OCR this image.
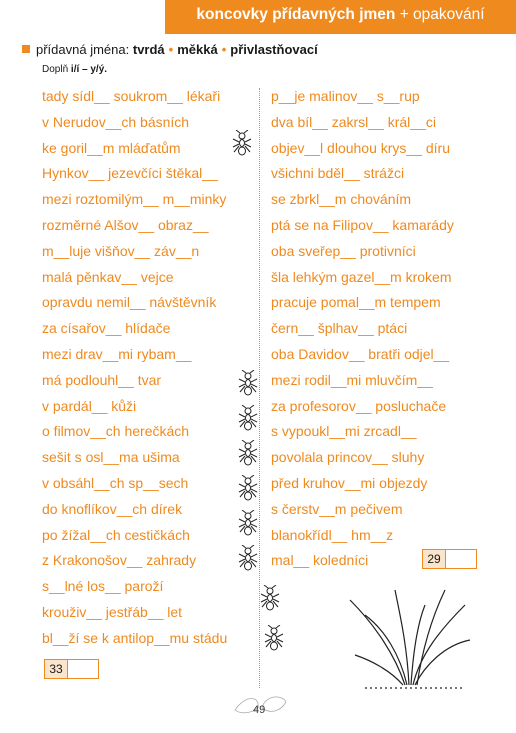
koncovky přídavných jmen + opakování
přídavná jména: tvrdá • měkká • přivlastňovací
Doplň i/í – y/ý.
tady sídl__ soukrom__ lékaři
v Nerudov__ch básních
ke goril__m mláďatům
Hynkov__ jezevčíci štěkal__
mezi roztomilým__ m__minky
rozměrné Alšov__ obraz__
m__luje višňov__ záv__n
malá pěnkav__ vejce
opravdu nemil__ návštěvník
za císařov__ hlídače
mezi drav__mi rybam__
má podlouhl__ tvar
v pardál__ kůži
o filmov__ch herečkách
sešit s osl__ma ušima
v obsáhl__ch sp__sech
do knoflíkov__ch dírek
po žížal__ch cestičkách
z Krakonošov__ zahrady
s__lné los__ paroží
krouživ__ jestřáb__ let
bl__ží se k antilop__mu stádu
p__je malinov__ s__rup
dva bíl__ zakrsl__ král__ci
objev__l dlouhou krys__ díru
všichni bděl__ strážci
se zbrkl__m chováním
ptá se na Filipov__ kamarády
oba sveřep__ protivníci
šla lehkým gazel__m krokem
pracuje pomal__m tempem
čern__ šplhav__ ptáci
oba Davidov__ bratři odjel__
mezi rodil__mi mluvčím__
za profesorov__ posluchače
s vypoukl__mi zrcadl__
povolala princov__ sluhy
před kruhov__mi objezdy
s čerstv__m pečivem
blanokřídl__ hm__z
mal__ koledníci
33
29
49
